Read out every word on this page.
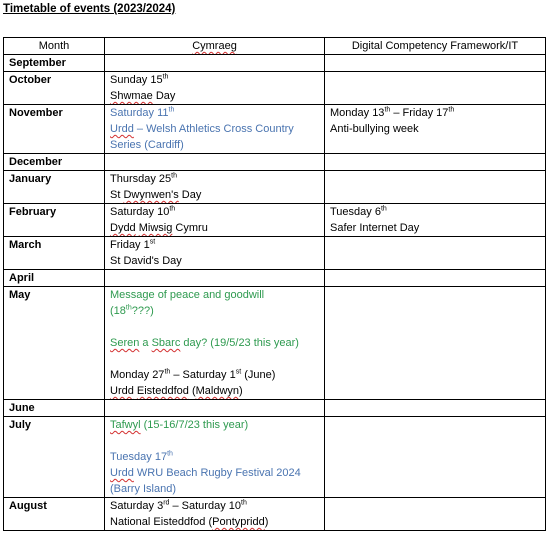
Timetable of events (2023/2024)
Month	Cymraeg	Digital Competency Framework/IT
September	

October	Sunday 15th
Shwmae Day	

November	Saturday 11th
Urdd – Welsh Athletics Cross Country
Series (Cardiff)	Monday 13th – Friday 17th
Anti-bullying week

December	

January	Thursday 25th
St Dwynwen's Day	

February	Saturday 10th
Dydd Miwsig Cymru	Tuesday 6th
Safer Internet Day

March	Friday 1st
St David's Day	

April	

May	Message of peace and goodwill
(18th???)
Seren a Sbarc day? (19/5/23 this year)
Monday 27th – Saturday 1st (June)
Urdd Eisteddfod (Maldwyn)	

June	

July	Tafwyl (15-16/7/23 this year)
Tuesday 17th
Urdd WRU Beach Rugby Festival 2024
(Barry Island)	

August	Saturday 3rd – Saturday 10th
National Eisteddfod (Pontypridd)	
